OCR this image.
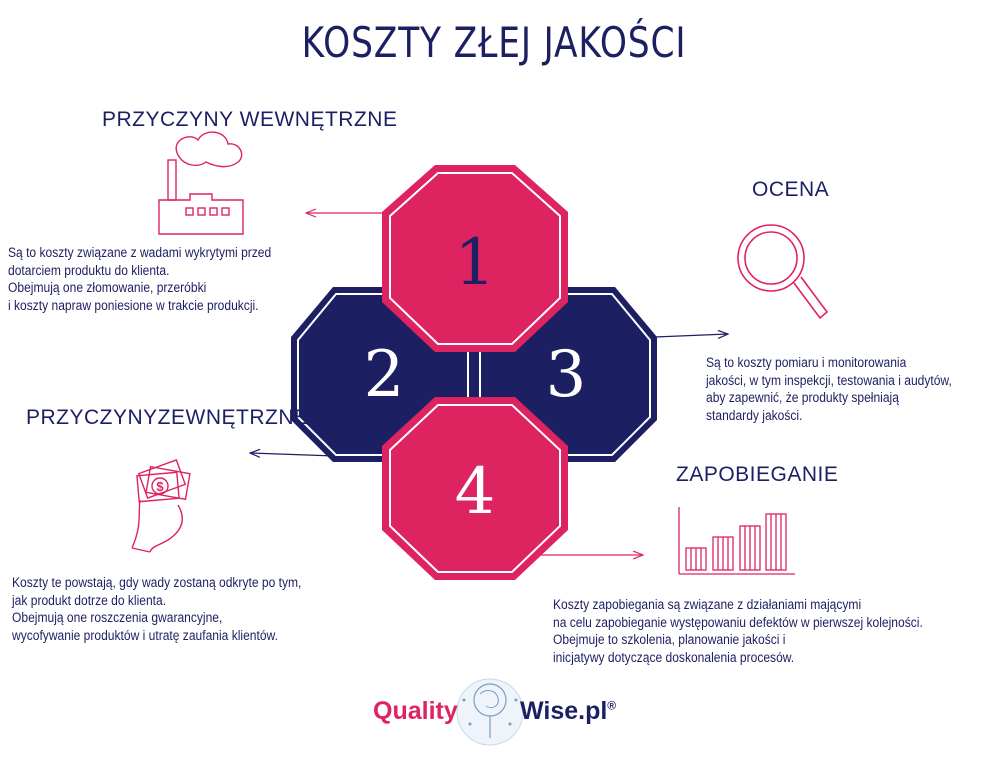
KOSZTY ZŁEJ JAKOŚCI
2 3
1
4
$
PRZYCZYNY WEWNĘTRZNE
OCENA
PRZYCZYNYZEWNĘTRZNE
ZAPOBIEGANIE
Są to koszty związane z wadami wykrytymi przed
dotarciem produktu do klienta.
Obejmują one złomowanie, przeróbki
i koszty napraw poniesione w trakcie produkcji.
Są to koszty pomiaru i monitorowania
jakości, w tym inspekcji, testowania i audytów,
aby zapewnić, że produkty spełniają
standardy jakości.
Koszty te powstają, gdy wady zostaną odkryte po tym,
jak produkt dotrze do klienta.
Obejmują one roszczenia gwarancyjne,
wycofywanie produktów i utratę zaufania klientów.
Koszty zapobiegania są związane z działaniami mającymi
na celu zapobieganie występowaniu defektów w pierwszej kolejności.
Obejmuje to szkolenia, planowanie jakości i
inicjatywy dotyczące doskonalenia procesów.
Quality Wise.pl®
